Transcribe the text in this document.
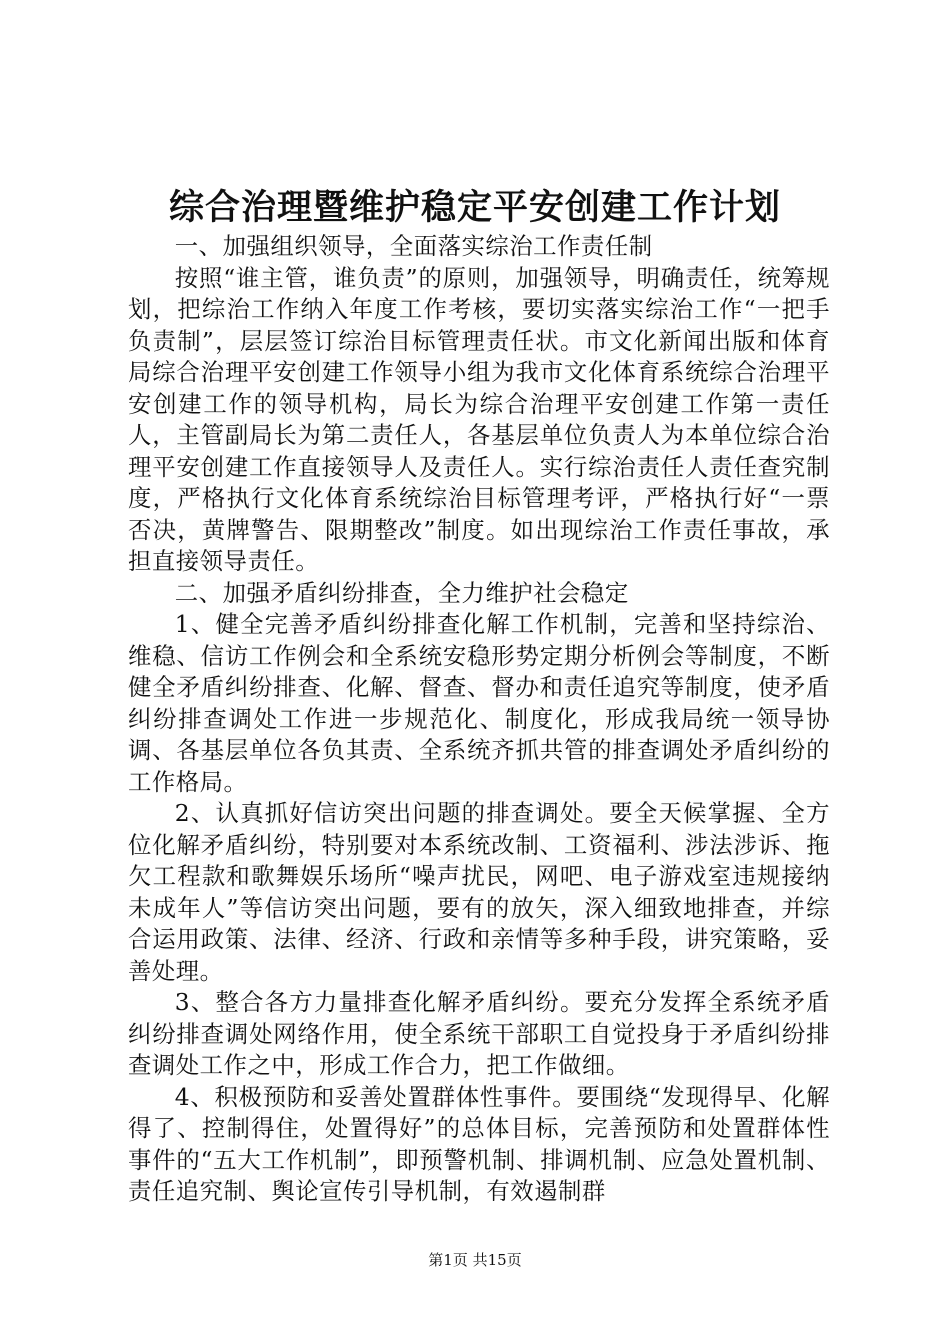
综合治理暨维护稳定平安创建工作计划

一、加强组织领导，全面落实综治工作责任制

按照“谁主管，谁负责”的原则，加强领导，明确责任，统筹规划，把综治工作纳入年度工作考核，要切实落实综治工作“一把手负责制”，层层签订综治目标管理责任状。市文化新闻出版和体育局综合治理平安创建工作领导小组为我市文化体育系统综合治理平安创建工作的领导机构，局长为综合治理平安创建工作第一责任人，主管副局长为第二责任人，各基层单位负责人为本单位综合治理平安创建工作直接领导人及责任人。实行综治责任人责任查究制度，严格执行文化体育系统综治目标管理考评，严格执行好“一票否决，黄牌警告、限期整改”制度。如出现综治工作责任事故，承担直接领导责任。

二、加强矛盾纠纷排查，全力维护社会稳定

1、健全完善矛盾纠纷排查化解工作机制，完善和坚持综治、维稳、信访工作例会和全系统安稳形势定期分析例会等制度，不断健全矛盾纠纷排查、化解、督查、督办和责任追究等制度，使矛盾纠纷排查调处工作进一步规范化、制度化，形成我局统一领导协调、各基层单位各负其责、全系统齐抓共管的排查调处矛盾纠纷的工作格局。

2、认真抓好信访突出问题的排查调处。要全天候掌握、全方位化解矛盾纠纷，特别要对本系统改制、工资福利、涉法涉诉、拖欠工程款和歌舞娱乐场所“噪声扰民，网吧、电子游戏室违规接纳未成年人”等信访突出问题，要有的放矢，深入细致地排查，并综合运用政策、法律、经济、行政和亲情等多种手段，讲究策略，妥善处理。

3、整合各方力量排查化解矛盾纠纷。要充分发挥全系统矛盾纠纷排查调处网络作用，使全系统干部职工自觉投身于矛盾纠纷排查调处工作之中，形成工作合力，把工作做细。

4、积极预防和妥善处置群体性事件。要围绕“发现得早、化解得了、控制得住，处置得好”的总体目标，完善预防和处置群体性事件的“五大工作机制”，即预警机制、排调机制、应急处置机制、责任追究制、舆论宣传引导机制，有效遏制群

第1页 共15页
